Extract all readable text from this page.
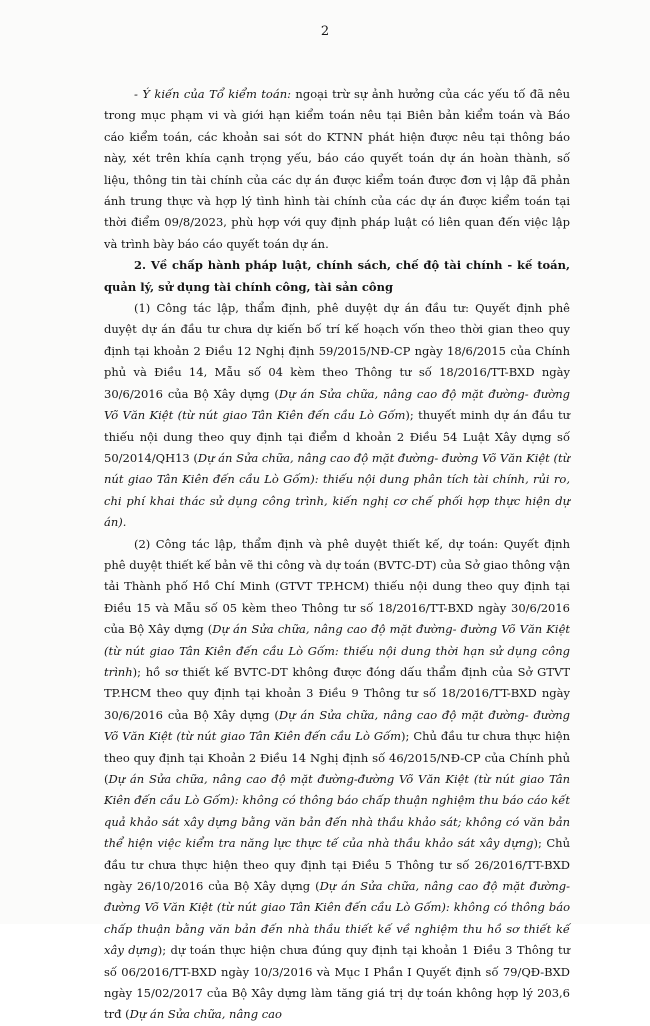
2

- Ý kiến của Tổ kiểm toán: ngoại trừ sự ảnh hưởng của các yếu tố đã nêu trong mục phạm vi và giới hạn kiểm toán nêu tại Biên bản kiểm toán và Báo cáo kiểm toán, các khoản sai sót do KTNN phát hiện được nêu tại thông báo này, xét trên khía cạnh trọng yếu, báo cáo quyết toán dự án hoàn thành, số liệu, thông tin tài chính của các dự án được kiểm toán được đơn vị lập đã phản ánh trung thực và hợp lý tình hình tài chính của các dự án được kiểm toán tại thời điểm 09/8/2023, phù hợp với quy định pháp luật có liên quan đến việc lập và trình bày báo cáo quyết toán dự án.

2. Về chấp hành pháp luật, chính sách, chế độ tài chính - kế toán, quản lý, sử dụng tài chính công, tài sản công

(1) Công tác lập, thẩm định, phê duyệt dự án đầu tư: Quyết định phê duyệt dự án đầu tư chưa dự kiến bố trí kế hoạch vốn theo thời gian theo quy định tại khoản 2 Điều 12 Nghị định 59/2015/NĐ-CP ngày 18/6/2015 của Chính phủ và Điều 14, Mẫu số 04 kèm theo Thông tư số 18/2016/TT-BXD ngày 30/6/2016 của Bộ Xây dựng (Dự án Sửa chữa, nâng cao độ mặt đường- đường Võ Văn Kiệt (từ nút giao Tân Kiên đến cầu Lò Gốm); thuyết minh dự án đầu tư thiếu nội dung theo quy định tại điểm d khoản 2 Điều 54 Luật Xây dựng số 50/2014/QH13 (Dự án Sửa chữa, nâng cao độ mặt đường- đường Võ Văn Kiệt (từ nút giao Tân Kiên đến cầu Lò Gốm): thiếu nội dung phân tích tài chính, rủi ro, chi phí khai thác sử dụng công trình, kiến nghị cơ chế phối hợp thực hiện dự án).

(2) Công tác lập, thẩm định và phê duyệt thiết kế, dự toán: Quyết định phê duyệt thiết kế bản vẽ thi công và dự toán (BVTC-DT) của Sở giao thông vận tải Thành phố Hồ Chí Minh (GTVT TP.HCM) thiếu nội dung theo quy định tại Điều 15 và Mẫu số 05 kèm theo Thông tư số 18/2016/TT-BXD ngày 30/6/2016 của Bộ Xây dựng (Dự án Sửa chữa, nâng cao độ mặt đường- đường Võ Văn Kiệt (từ nút giao Tân Kiên đến cầu Lò Gốm: thiếu nội dung thời hạn sử dụng công trình); hồ sơ thiết kế BVTC-DT không được đóng dấu thẩm định của Sở GTVT TP.HCM theo quy định tại khoản 3 Điều 9 Thông tư số 18/2016/TT-BXD ngày 30/6/2016 của Bộ Xây dựng (Dự án Sửa chữa, nâng cao độ mặt đường- đường Võ Văn Kiệt (từ nút giao Tân Kiên đến cầu Lò Gốm); Chủ đầu tư chưa thực hiện theo quy định tại Khoản 2 Điều 14 Nghị định số 46/2015/NĐ-CP của Chính phủ (Dự án Sửa chữa, nâng cao độ mặt đường-đường Võ Văn Kiệt (từ nút giao Tân Kiên đến cầu Lò Gốm): không có thông báo chấp thuận nghiệm thu báo cáo kết quả khảo sát xây dựng bằng văn bản đến nhà thầu khảo sát; không có văn bản thể hiện việc kiểm tra năng lực thực tế của nhà thầu khảo sát xây dựng); Chủ đầu tư chưa thực hiện theo quy định tại Điều 5 Thông tư số 26/2016/TT-BXD ngày 26/10/2016 của Bộ Xây dựng (Dự án Sửa chữa, nâng cao độ mặt đường- đường Võ Văn Kiệt (từ nút giao Tân Kiên đến cầu Lò Gốm): không có thông báo chấp thuận bằng văn bản đến nhà thầu thiết kế về nghiệm thu hồ sơ thiết kế xây dựng); dự toán thực hiện chưa đúng quy định tại khoản 1 Điều 3 Thông tư số 06/2016/TT-BXD ngày 10/3/2016 và Mục I Phần I Quyết định số 79/QĐ-BXD ngày 15/02/2017 của Bộ Xây dựng làm tăng giá trị dự toán không hợp lý 203,6 trđ (Dự án Sửa chữa, nâng cao
